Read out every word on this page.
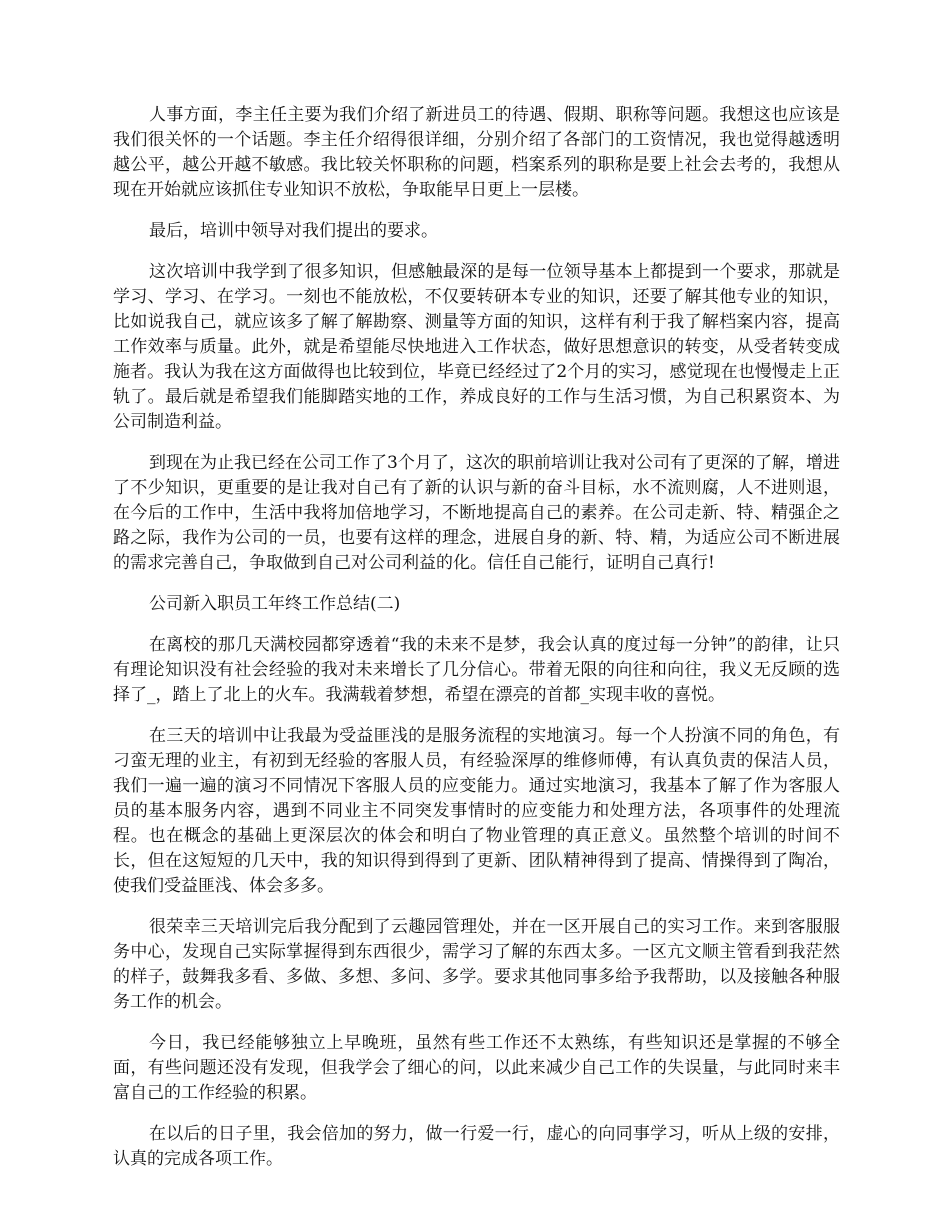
人事方面，李主任主要为我们介绍了新进员工的待遇、假期、职称等问题。我想这也应该是我们很关怀的一个话题。李主任介绍得很详细，分别介绍了各部门的工资情况，我也觉得越透明越公平，越公开越不敏感。我比较关怀职称的问题，档案系列的职称是要上社会去考的，我想从现在开始就应该抓住专业知识不放松，争取能早日更上一层楼。

最后，培训中领导对我们提出的要求。

这次培训中我学到了很多知识，但感触最深的是每一位领导基本上都提到一个要求，那就是学习、学习、在学习。一刻也不能放松，不仅要转研本专业的知识，还要了解其他专业的知识，比如说我自己，就应该多了解了解勘察、测量等方面的知识，这样有利于我了解档案内容，提高工作效率与质量。此外，就是希望能尽快地进入工作状态，做好思想意识的转变，从受者转变成施者。我认为我在这方面做得也比较到位，毕竟已经经过了2个月的实习，感觉现在也慢慢走上正轨了。最后就是希望我们能脚踏实地的工作，养成良好的工作与生活习惯，为自己积累资本、为公司制造利益。

到现在为止我已经在公司工作了3个月了，这次的职前培训让我对公司有了更深的了解，增进了不少知识，更重要的是让我对自己有了新的认识与新的奋斗目标，水不流则腐，人不进则退，在今后的工作中，生活中我将加倍地学习，不断地提高自己的素养。在公司走新、特、精强企之路之际，我作为公司的一员，也要有这样的理念，进展自身的新、特、精，为适应公司不断进展的需求完善自己，争取做到自己对公司利益的化。信任自己能行，证明自己真行!

公司新入职员工年终工作总结(二)

在离校的那几天满校园都穿透着“我的未来不是梦，我会认真的度过每一分钟”的韵律，让只有理论知识没有社会经验的我对未来增长了几分信心。带着无限的向往和向往，我义无反顾的选择了_，踏上了北上的火车。我满载着梦想，希望在漂亮的首都_实现丰收的喜悦。

在三天的培训中让我最为受益匪浅的是服务流程的实地演习。每一个人扮演不同的角色，有刁蛮无理的业主，有初到无经验的客服人员，有经验深厚的维修师傅，有认真负责的保洁人员，我们一遍一遍的演习不同情况下客服人员的应变能力。通过实地演习，我基本了解了作为客服人员的基本服务内容，遇到不同业主不同突发事情时的应变能力和处理方法，各项事件的处理流程。也在概念的基础上更深层次的体会和明白了物业管理的真正意义。虽然整个培训的时间不长，但在这短短的几天中，我的知识得到得到了更新、团队精神得到了提高、情操得到了陶冶，使我们受益匪浅、体会多多。

很荣幸三天培训完后我分配到了云趣园管理处，并在一区开展自己的实习工作。来到客服服务中心，发现自己实际掌握得到东西很少，需学习了解的东西太多。一区亢文顺主管看到我茫然的样子，鼓舞我多看、多做、多想、多问、多学。要求其他同事多给予我帮助，以及接触各种服务工作的机会。

今日，我已经能够独立上早晚班，虽然有些工作还不太熟练，有些知识还是掌握的不够全面，有些问题还没有发现，但我学会了细心的问，以此来减少自己工作的失误量，与此同时来丰富自己的工作经验的积累。

在以后的日子里，我会倍加的努力，做一行爱一行，虚心的向同事学习，听从上级的安排，认真的完成各项工作。
